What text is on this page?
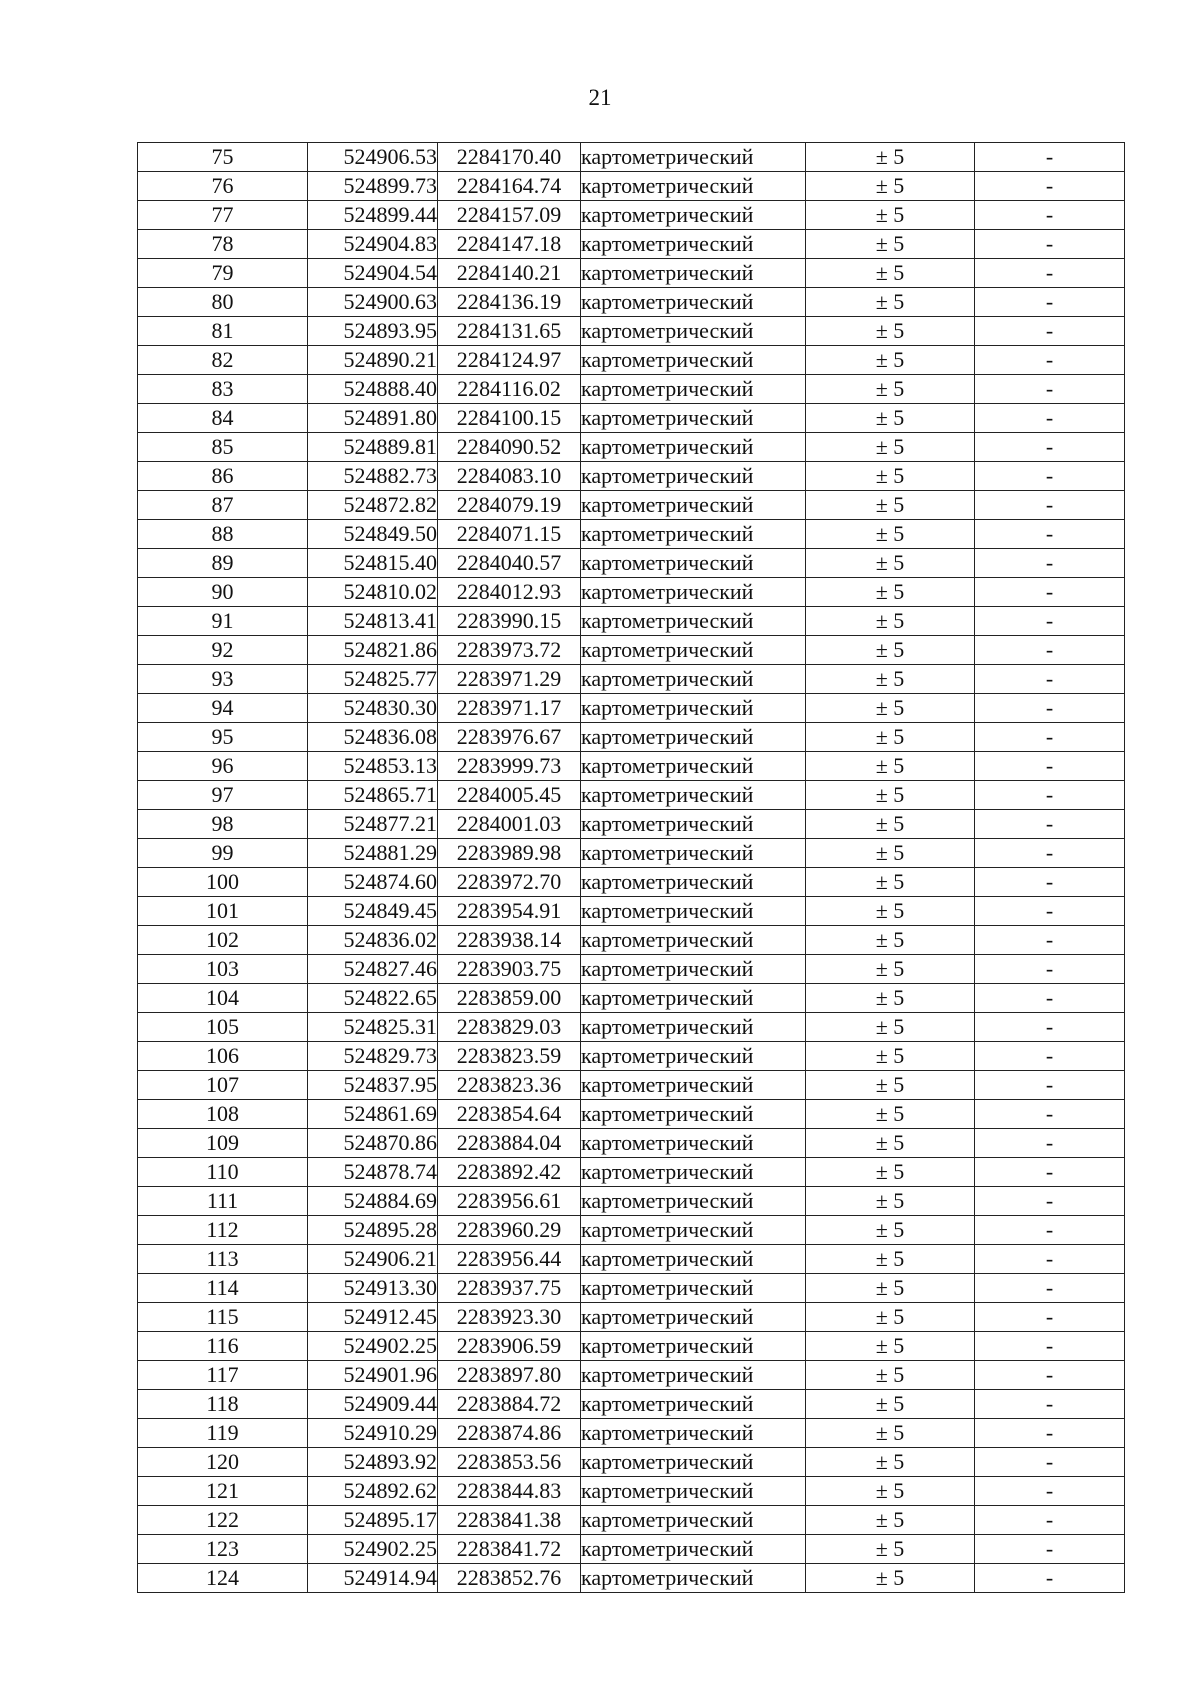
21
75	524906.53	2284170.40	картометрический	± 5	-
76	524899.73	2284164.74	картометрический	± 5	-
77	524899.44	2284157.09	картометрический	± 5	-
78	524904.83	2284147.18	картометрический	± 5	-
79	524904.54	2284140.21	картометрический	± 5	-
80	524900.63	2284136.19	картометрический	± 5	-
81	524893.95	2284131.65	картометрический	± 5	-
82	524890.21	2284124.97	картометрический	± 5	-
83	524888.40	2284116.02	картометрический	± 5	-
84	524891.80	2284100.15	картометрический	± 5	-
85	524889.81	2284090.52	картометрический	± 5	-
86	524882.73	2284083.10	картометрический	± 5	-
87	524872.82	2284079.19	картометрический	± 5	-
88	524849.50	2284071.15	картометрический	± 5	-
89	524815.40	2284040.57	картометрический	± 5	-
90	524810.02	2284012.93	картометрический	± 5	-
91	524813.41	2283990.15	картометрический	± 5	-
92	524821.86	2283973.72	картометрический	± 5	-
93	524825.77	2283971.29	картометрический	± 5	-
94	524830.30	2283971.17	картометрический	± 5	-
95	524836.08	2283976.67	картометрический	± 5	-
96	524853.13	2283999.73	картометрический	± 5	-
97	524865.71	2284005.45	картометрический	± 5	-
98	524877.21	2284001.03	картометрический	± 5	-
99	524881.29	2283989.98	картометрический	± 5	-
100	524874.60	2283972.70	картометрический	± 5	-
101	524849.45	2283954.91	картометрический	± 5	-
102	524836.02	2283938.14	картометрический	± 5	-
103	524827.46	2283903.75	картометрический	± 5	-
104	524822.65	2283859.00	картометрический	± 5	-
105	524825.31	2283829.03	картометрический	± 5	-
106	524829.73	2283823.59	картометрический	± 5	-
107	524837.95	2283823.36	картометрический	± 5	-
108	524861.69	2283854.64	картометрический	± 5	-
109	524870.86	2283884.04	картометрический	± 5	-
110	524878.74	2283892.42	картометрический	± 5	-
111	524884.69	2283956.61	картометрический	± 5	-
112	524895.28	2283960.29	картометрический	± 5	-
113	524906.21	2283956.44	картометрический	± 5	-
114	524913.30	2283937.75	картометрический	± 5	-
115	524912.45	2283923.30	картометрический	± 5	-
116	524902.25	2283906.59	картометрический	± 5	-
117	524901.96	2283897.80	картометрический	± 5	-
118	524909.44	2283884.72	картометрический	± 5	-
119	524910.29	2283874.86	картометрический	± 5	-
120	524893.92	2283853.56	картометрический	± 5	-
121	524892.62	2283844.83	картометрический	± 5	-
122	524895.17	2283841.38	картометрический	± 5	-
123	524902.25	2283841.72	картометрический	± 5	-
124	524914.94	2283852.76	картометрический	± 5	-
